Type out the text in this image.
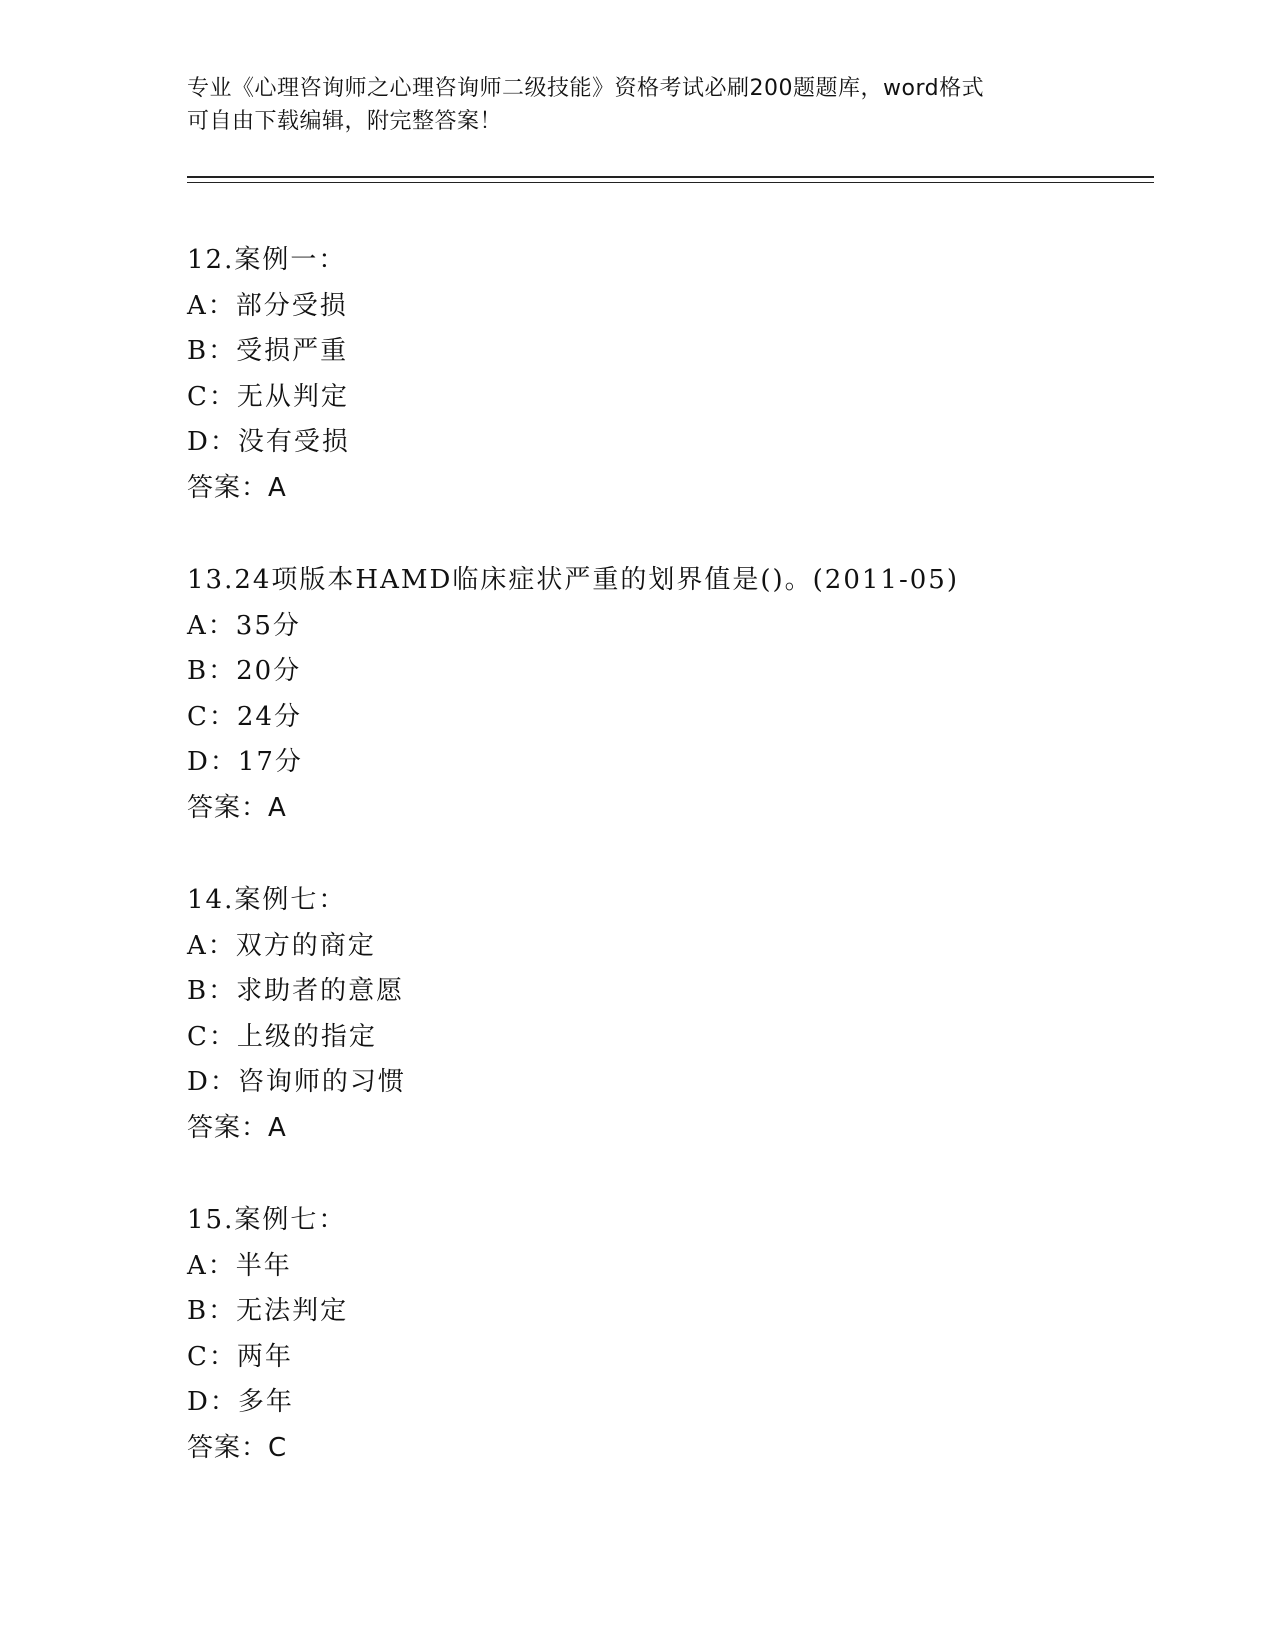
专业《心理咨询师之心理咨询师二级技能》资格考试必刷200题题库，word格式
可自由下载编辑，附完整答案！
12.案例一：
A：部分受损
B：受损严重
C：无从判定
D：没有受损
答案：A
13.24项版本HAMD临床症状严重的划界值是()。(2011-05)
A：35分
B：20分
C：24分
D：17分
答案：A
14.案例七：
A：双方的商定
B：求助者的意愿
C：上级的指定
D：咨询师的习惯
答案：A
15.案例七：
A：半年
B：无法判定
C：两年
D：多年
答案：C
